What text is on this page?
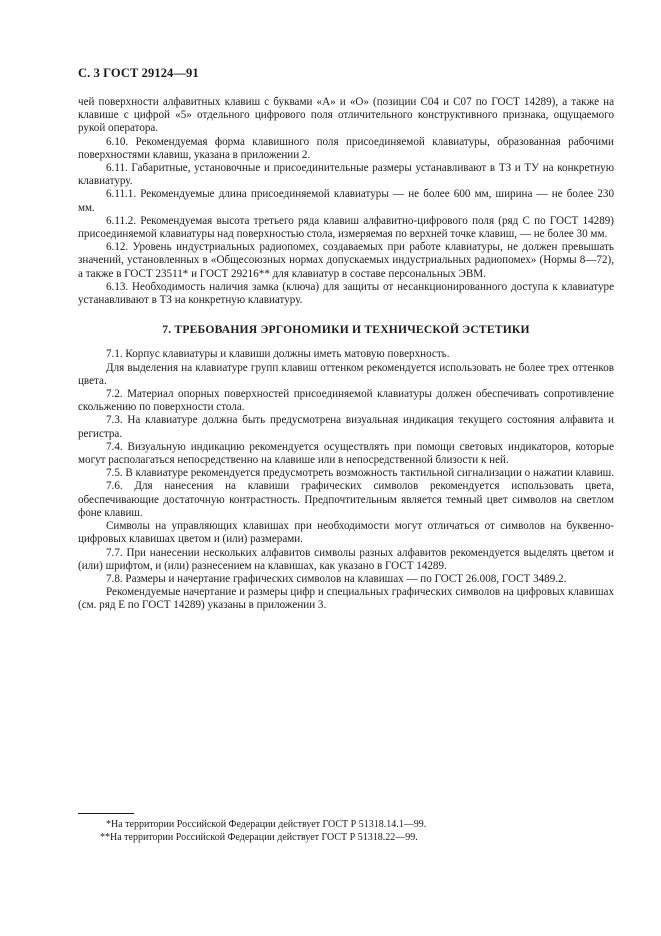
С. 3 ГОСТ 29124—91

чей поверхности алфавитных клавиш с буквами «А» и «О» (позиции С04 и С07 по ГОСТ 14289), а также на клавише с цифрой «5» отдельного цифрового поля отличительного конструктивного признака, ощущаемого рукой оператора.

6.10. Рекомендуемая форма клавишного поля присоединяемой клавиатуры, образованная рабочими поверхностями клавиш, указана в приложении 2.

6.11. Габаритные, установочные и присоединительные размеры устанавливают в ТЗ и ТУ на конкретную клавиатуру.

6.11.1. Рекомендуемые длина присоединяемой клавиатуры — не более 600 мм, ширина — не более 230 мм.

6.11.2. Рекомендуемая высота третьего ряда клавиш алфавитно-цифрового поля (ряд С по ГОСТ 14289) присоединяемой клавиатуры над поверхностью стола, измеряемая по верхней точке клавиш, — не более 30 мм.

6.12. Уровень индустриальных радиопомех, создаваемых при работе клавиатуры, не должен превышать значений, установленных в «Общесоюзных нормах допускаемых индустриальных радиопомех» (Нормы 8—72), а также в ГОСТ 23511* и ГОСТ 29216** для клавиатур в составе персональных ЭВМ.

6.13. Необходимость наличия замка (ключа) для защиты от несанкционированного доступа к клавиатуре устанавливают в ТЗ на конкретную клавиатуру.

7. ТРЕБОВАНИЯ ЭРГОНОМИКИ И ТЕХНИЧЕСКОЙ ЭСТЕТИКИ

7.1. Корпус клавиатуры и клавиши должны иметь матовую поверхность.

Для выделения на клавиатуре групп клавиш оттенком рекомендуется использовать не более трех оттенков цвета.

7.2. Материал опорных поверхностей присоединяемой клавиатуры должен обеспечивать сопротивление скольжению по поверхности стола.

7.3. На клавиатуре должна быть предусмотрена визуальная индикация текущего состояния алфавита и регистра.

7.4. Визуальную индикацию рекомендуется осуществлять при помощи световых индикаторов, которые могут располагаться непосредственно на клавише или в непосредственной близости к ней.

7.5. В клавиатуре рекомендуется предусмотреть возможность тактильной сигнализации о нажатии клавиш.

7.6. Для нанесения на клавиши графических символов рекомендуется использовать цвета, обеспечивающие достаточную контрастность. Предпочтительным является темный цвет символов на светлом фоне клавиш.

Символы на управляющих клавишах при необходимости могут отличаться от символов на буквенно-цифровых клавишах цветом и (или) размерами.

7.7. При нанесении нескольких алфавитов символы разных алфавитов рекомендуется выделять цветом и (или) шрифтом, и (или) разнесением на клавишах, как указано в ГОСТ 14289.

7.8. Размеры и начертание графических символов на клавишах — по ГОСТ 26.008, ГОСТ 3489.2.

Рекомендуемые начертание и размеры цифр и специальных графических символов на цифровых клавишах (см. ряд Е по ГОСТ 14289) указаны в приложении 3.

*На территории Российской Федерации действует ГОСТ Р 51318.14.1—99.
**На территории Российской Федерации действует ГОСТ Р 51318.22—99.
